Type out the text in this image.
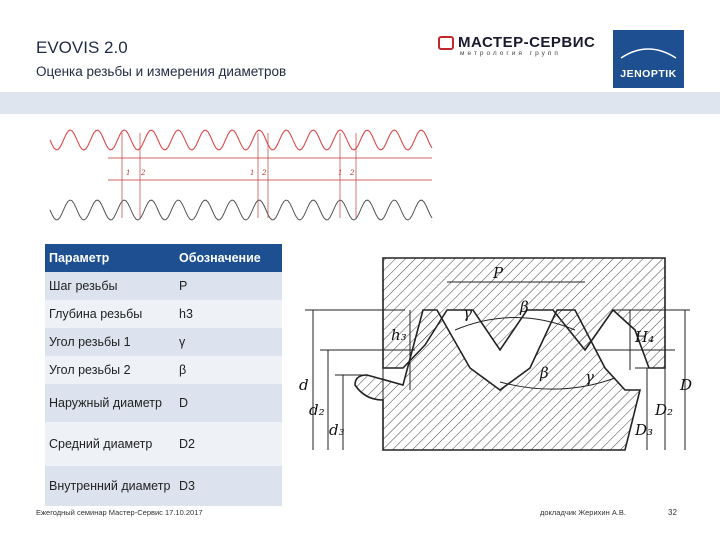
EVOVIS 2.0
Оценка резьбы и измерения диаметров
МАСТЕР-СЕРВИС
метрология групп
JENOPTIK
1 2	1 2	1 2
Параметр	Обозначение
Шаг резьбы	P
Глубина резьбы	h3
Угол резьбы 1	γ
Угол резьбы 2	β
Наружный диаметр	D
Средний диаметр	D2
Внутренний диаметр	D3
P
β
γ
β γ
h₃	H₄
d
d₂
d₃
D
D₂
D₃
Ежегодный семинар Мастер-Сервис 17.10.2017	докладчик Жерихин А.В.	32
